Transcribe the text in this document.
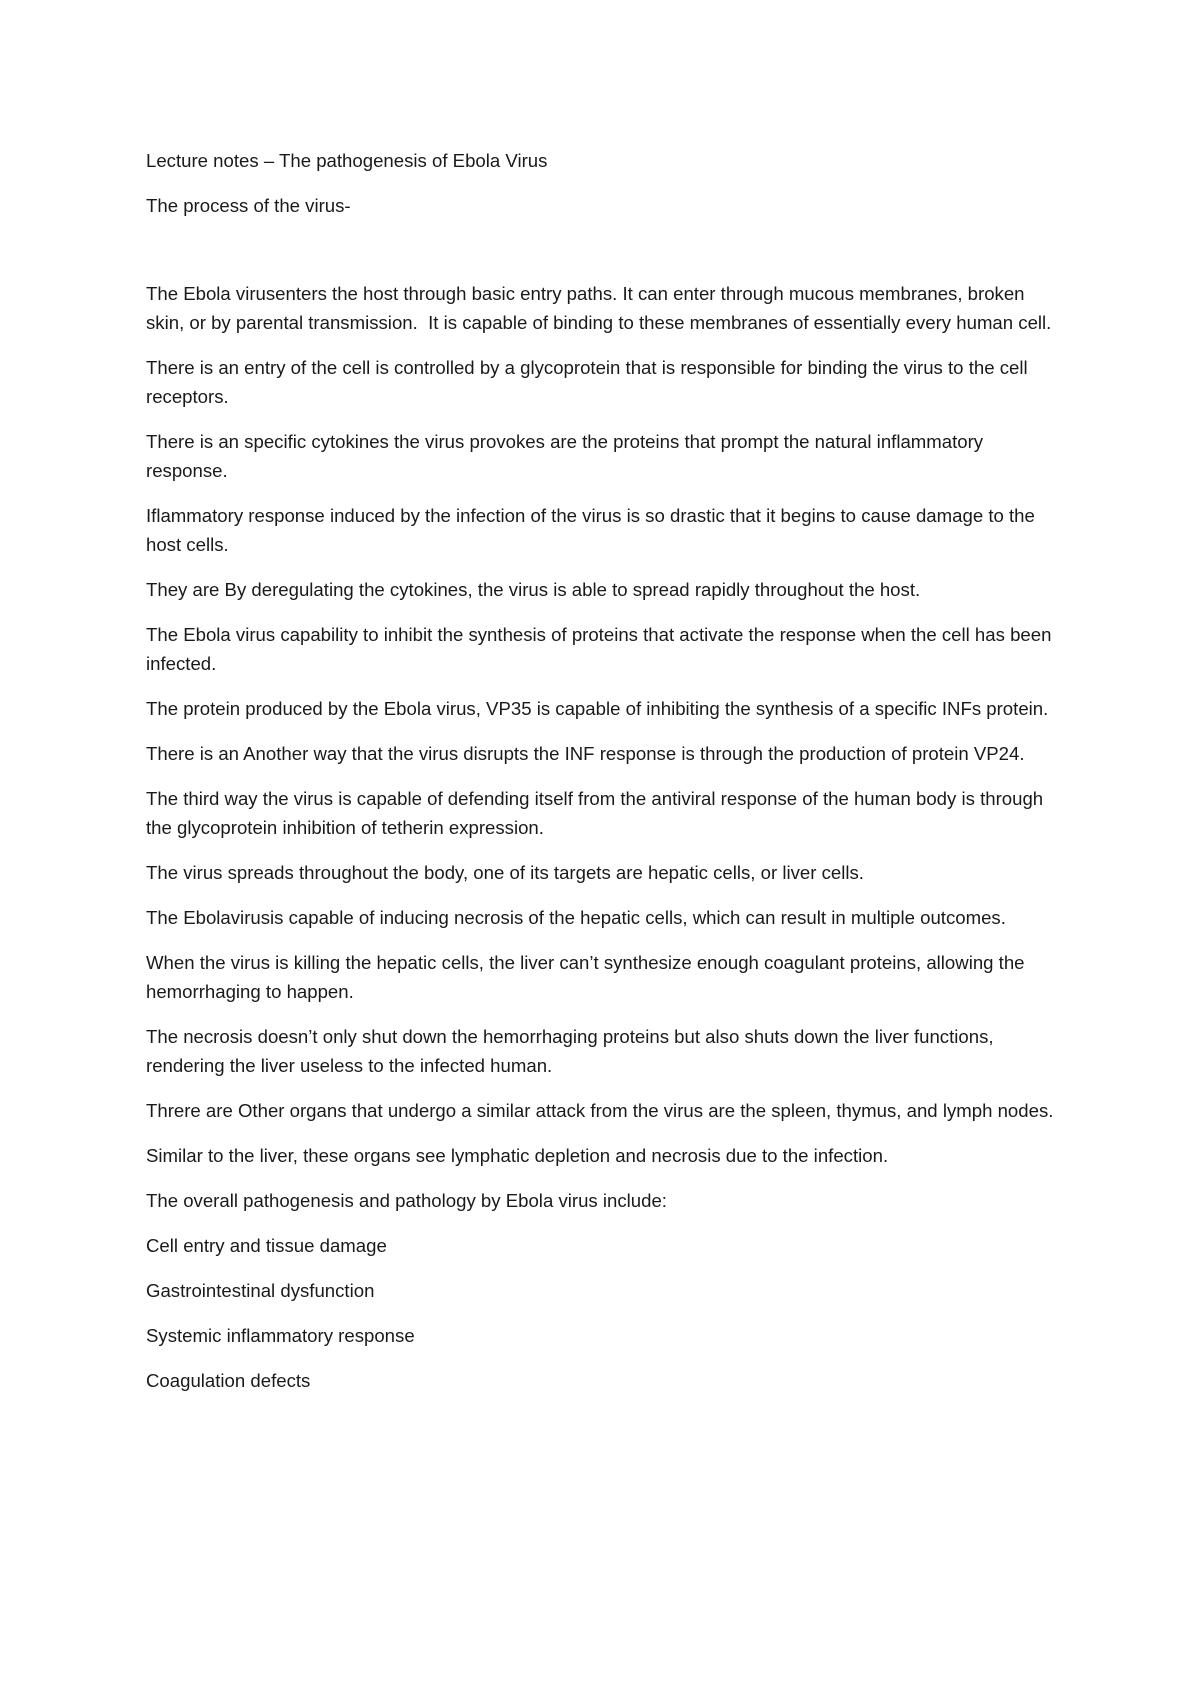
Lecture notes – The pathogenesis of Ebola Virus

The process of the virus-

The Ebola virusenters the host through basic entry paths. It can enter through mucous membranes, broken skin, or by parental transmission.  It is capable of binding to these membranes of essentially every human cell.

There is an entry of the cell is controlled by a glycoprotein that is responsible for binding the virus to the cell receptors.

There is an specific cytokines the virus provokes are the proteins that prompt the natural inflammatory response.

Iflammatory response induced by the infection of the virus is so drastic that it begins to cause damage to the host cells.

They are By deregulating the cytokines, the virus is able to spread rapidly throughout the host.

The Ebola virus capability to inhibit the synthesis of proteins that activate the response when the cell has been infected.

The protein produced by the Ebola virus, VP35 is capable of inhibiting the synthesis of a specific INFs protein.

There is an Another way that the virus disrupts the INF response is through the production of protein VP24.

The third way the virus is capable of defending itself from the antiviral response of the human body is through the glycoprotein inhibition of tetherin expression.

The virus spreads throughout the body, one of its targets are hepatic cells, or liver cells.

The Ebolavirusis capable of inducing necrosis of the hepatic cells, which can result in multiple outcomes.

When the virus is killing the hepatic cells, the liver can’t synthesize enough coagulant proteins, allowing the hemorrhaging to happen.

The necrosis doesn’t only shut down the hemorrhaging proteins but also shuts down the liver functions, rendering the liver useless to the infected human.

Threre are Other organs that undergo a similar attack from the virus are the spleen, thymus, and lymph nodes.

Similar to the liver, these organs see lymphatic depletion and necrosis due to the infection.

The overall pathogenesis and pathology by Ebola virus include:

Cell entry and tissue damage

Gastrointestinal dysfunction

Systemic inflammatory response

Coagulation defects
